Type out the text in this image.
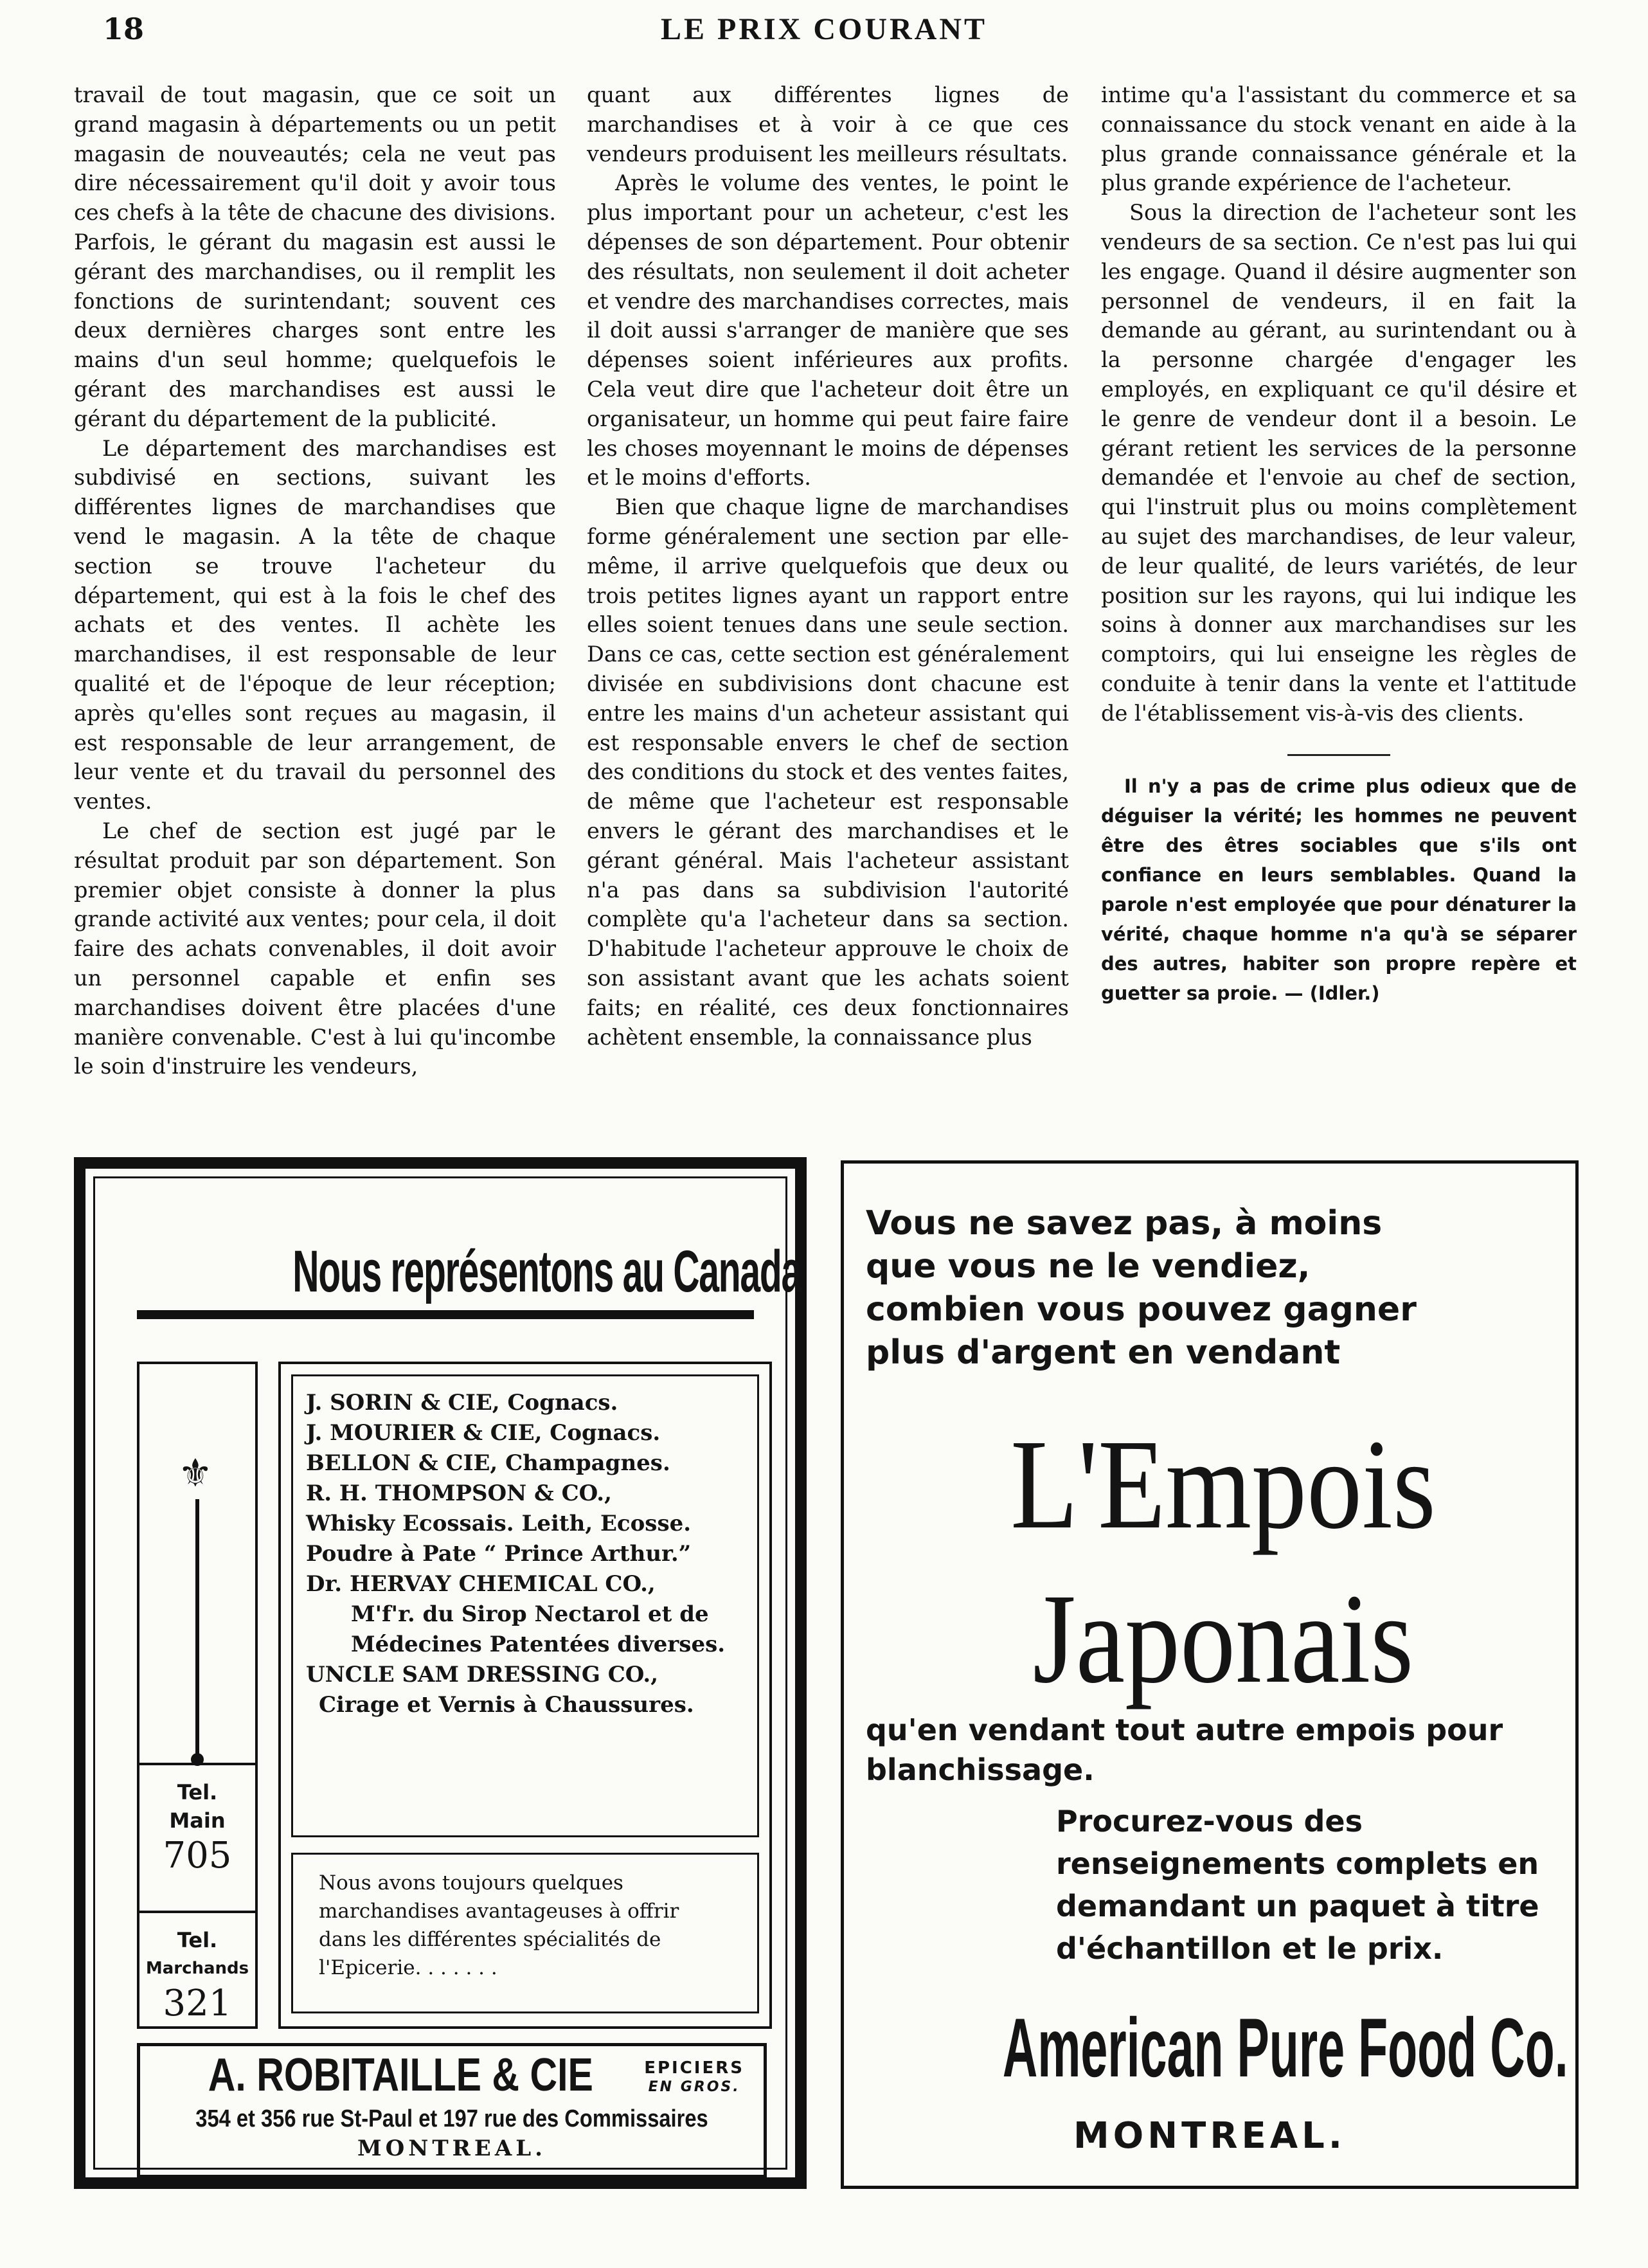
18	LE PRIX COURANT

travail de tout magasin, que ce soit un grand magasin à départements ou un petit magasin de nouveautés; cela ne veut pas dire nécessairement qu'il doit y avoir tous ces chefs à la tête de chacune des divisions. Parfois, le gérant du magasin est aussi le gérant des marchandises, ou il remplit les fonctions de surintendant; souvent ces deux dernières charges sont entre les mains d'un seul homme; quelquefois le gérant des marchandises est aussi le gérant du département de la publicité.

Le département des marchandises est subdivisé en sections, suivant les différentes lignes de marchandises que vend le magasin. A la tête de chaque section se trouve l'acheteur du département, qui est à la fois le chef des achats et des ventes. Il achète les marchandises, il est responsable de leur qualité et de l'époque de leur réception; après qu'elles sont reçues au magasin, il est responsable de leur arrangement, de leur vente et du travail du personnel des ventes.

Le chef de section est jugé par le résultat produit par son département. Son premier objet consiste à donner la plus grande activité aux ventes; pour cela, il doit faire des achats convenables, il doit avoir un personnel capable et enfin ses marchandises doivent être placées d'une manière convenable. C'est à lui qu'incombe le soin d'instruire les vendeurs,

quant aux différentes lignes de marchandises et à voir à ce que ces vendeurs produisent les meilleurs résultats.

Après le volume des ventes, le point le plus important pour un acheteur, c'est les dépenses de son département. Pour obtenir des résultats, non seulement il doit acheter et vendre des marchandises correctes, mais il doit aussi s'arranger de manière que ses dépenses soient inférieures aux profits. Cela veut dire que l'acheteur doit être un organisateur, un homme qui peut faire faire les choses moyennant le moins de dépenses et le moins d'efforts.

Bien que chaque ligne de marchandises forme généralement une section par elle-même, il arrive quelquefois que deux ou trois petites lignes ayant un rapport entre elles soient tenues dans une seule section. Dans ce cas, cette section est généralement divisée en subdivisions dont chacune est entre les mains d'un acheteur assistant qui est responsable envers le chef de section des conditions du stock et des ventes faites, de même que l'acheteur est responsable envers le gérant des marchandises et le gérant général. Mais l'acheteur assistant n'a pas dans sa subdivision l'autorité complète qu'a l'acheteur dans sa section. D'habitude l'acheteur approuve le choix de son assistant avant que les achats soient faits; en réalité, ces deux fonctionnaires achètent ensemble, la connaissance plus

intime qu'a l'assistant du commerce et sa connaissance du stock venant en aide à la plus grande connaissance générale et la plus grande expérience de l'acheteur.

Sous la direction de l'acheteur sont les vendeurs de sa section. Ce n'est pas lui qui les engage. Quand il désire augmenter son personnel de vendeurs, il en fait la demande au gérant, au surintendant ou à la personne chargée d'engager les employés, en expliquant ce qu'il désire et le genre de vendeur dont il a besoin. Le gérant retient les services de la personne demandée et l'envoie au chef de section, qui l'instruit plus ou moins complètement au sujet des marchandises, de leur valeur, de leur qualité, de leurs variétés, de leur position sur les rayons, qui lui indique les soins à donner aux marchandises sur les comptoirs, qui lui enseigne les règles de conduite à tenir dans la vente et l'attitude de l'établissement vis-à-vis des clients.

Il n'y a pas de crime plus odieux que de déguiser la vérité; les hommes ne peuvent être des êtres sociables que s'ils ont confiance en leurs semblables. Quand la parole n'est employée que pour dénaturer la vérité, chaque homme n'a qu'à se séparer des autres, habiter son propre repère et guetter sa proie. — (Idler.)
Nous représentons au Canada
⚜
Tel.
Main
705
Tel.
Marchands
321
J. SORIN & CIE, Cognacs.
J. MOURIER & CIE, Cognacs.
BELLON & CIE, Champagnes.
R. H. THOMPSON & CO.,
Whisky Ecossais. Leith, Ecosse.
Poudre à Pate “ Prince Arthur.”
Dr. HERVAY CHEMICAL CO.,
M'f'r. du Sirop Nectarol et de
Médecines Patentées diverses.
UNCLE SAM DRESSING CO.,
Cirage et Vernis à Chaussures.
Nous avons toujours quelques marchandises avantageuses à offrir dans les différentes spécialités de l'Epicerie. . . . . . .
EPICIERS
EN GROS.
A. ROBITAILLE & CIE
354 et 356 rue St-Paul et 197 rue des Commissaires
MONTREAL.
Vous ne savez pas, à moins que vous ne le vendiez, combien vous pouvez gagner plus d'argent en vendant
L'Empois
Japonais
qu'en vendant tout autre empois pour blanchissage.
Procurez-vous des renseignements complets en demandant un paquet à titre d'échantillon et le prix.
American Pure Food Co.
MONTREAL.
